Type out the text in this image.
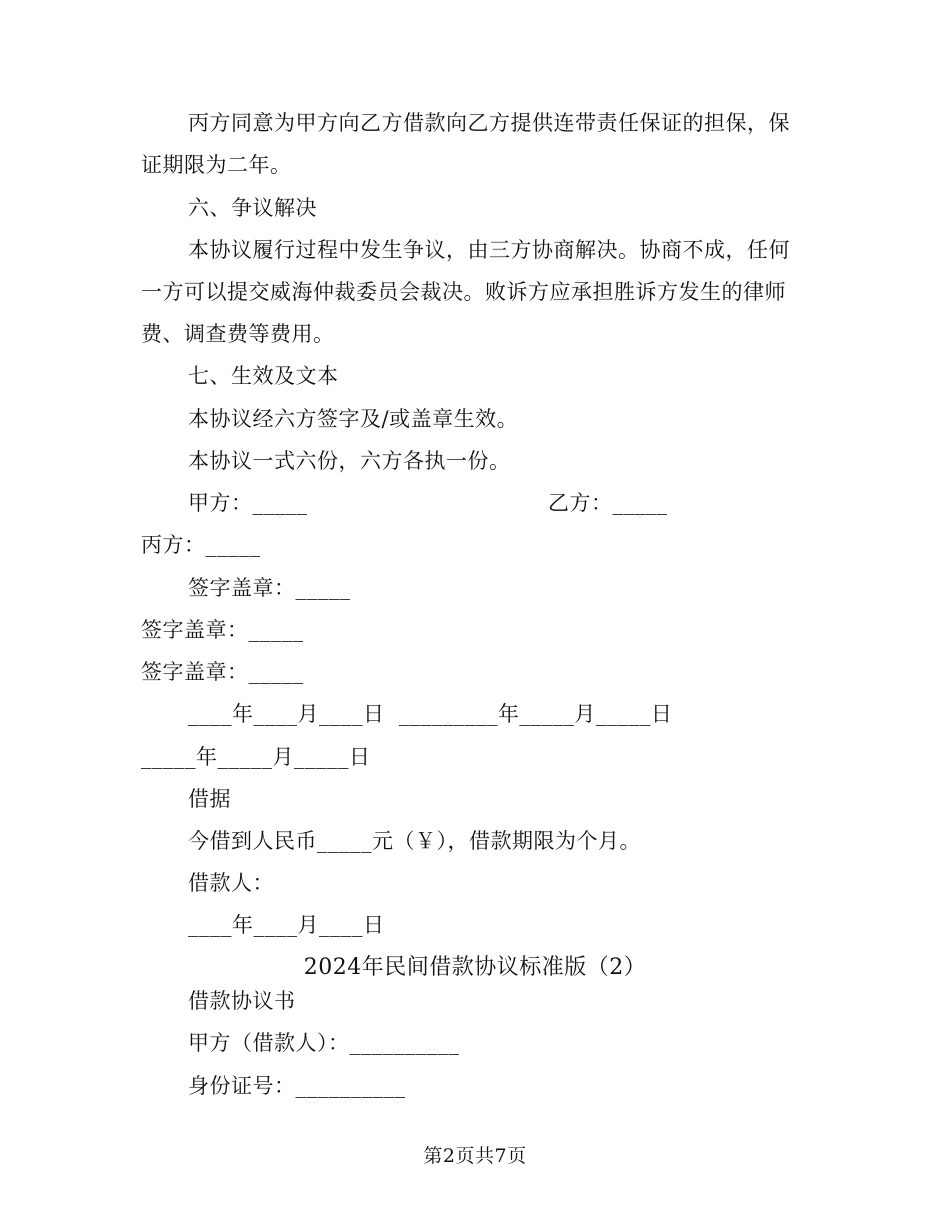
丙方同意为甲方向乙方借款向乙方提供连带责任保证的担保，保

证期限为二年。

六、争议解决

本协议履行过程中发生争议，由三方协商解决。协商不成，任何

一方可以提交威海仲裁委员会裁决。败诉方应承担胜诉方发生的律师

费、调查费等费用。

七、生效及文本

本协议经六方签字及/或盖章生效。

本协议一式六份，六方各执一份。

甲方：_____	乙方：_____

丙方：_____

签字盖章：_____

签字盖章：_____

签字盖章：_____

____年____月____日  _________年_____月_____日

_____年_____月_____日

借据

今借到人民币_____元（￥），借款期限为个月。

借款人：

____年____月____日

2024年民间借款协议标准版（2）

借款协议书

甲方（借款人）：__________

身份证号：__________

第2页共7页
